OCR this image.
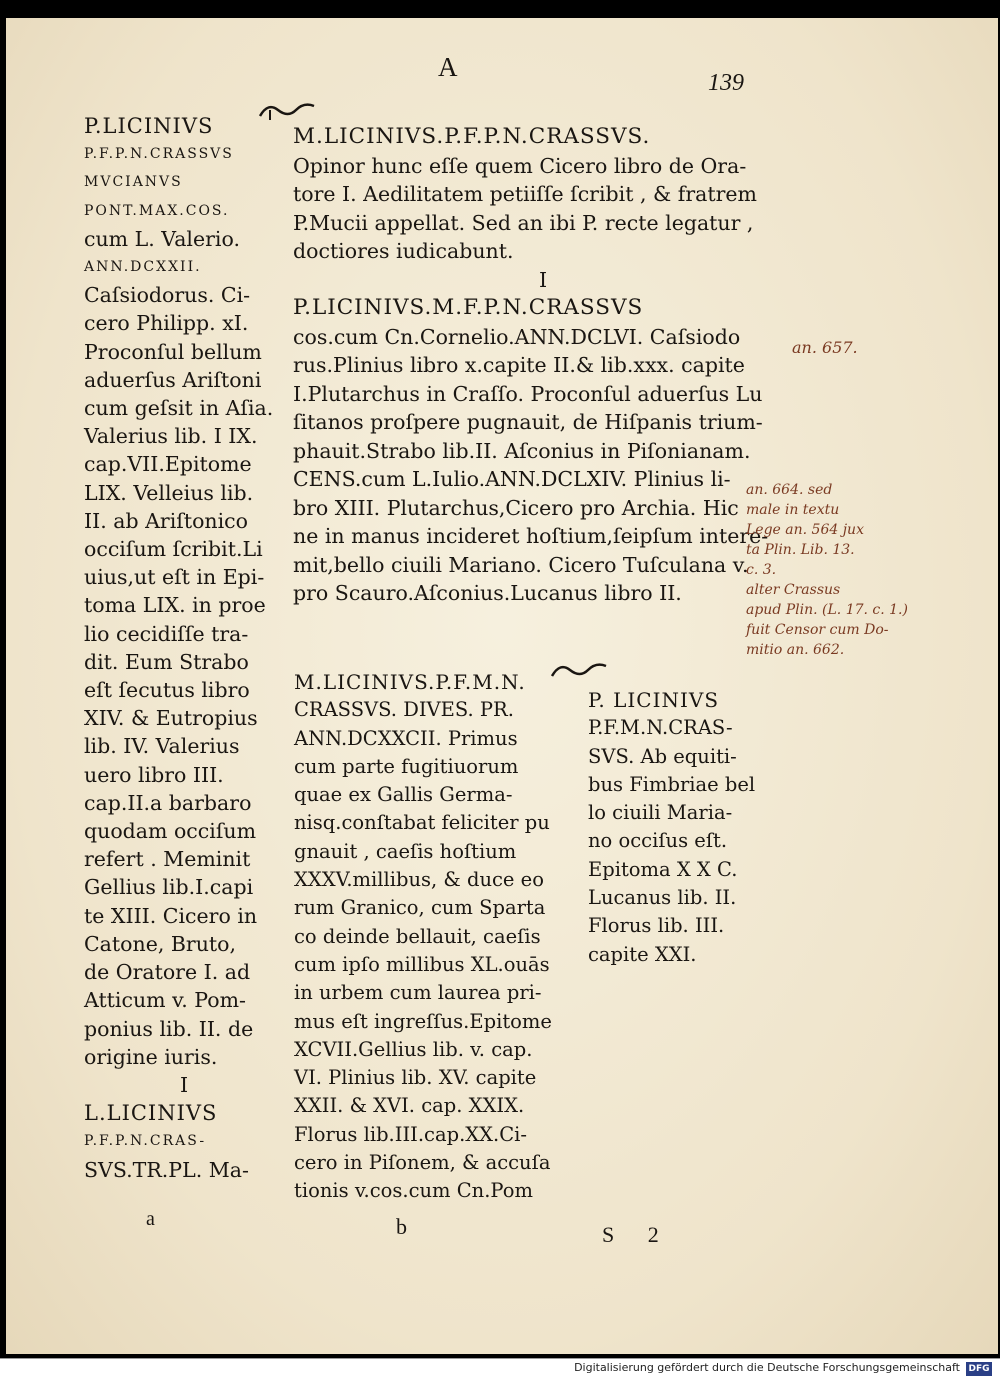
A
139
P.LICINIVS
P.F.P.N.CRASSVS
MVCIANVS
PONT.MAX.COS.
cum L. Valerio.
ANN.DCXXII.
Caſsiodorus. Ci-
cero Philipp. xI.
Proconſul bellum
aduerſus Ariſtoni
cum geſsit in Aſia.
Valerius lib. I IX.
cap.VII.Epitome
LIX. Velleius lib.
II. ab Ariſtonico
occiſum ſcribit.Li
uius,ut eſt in Epi-
toma LIX. in proe
lio cecidiſſe tra-
dit. Eum Strabo
eſt ſecutus libro
XIV. & Eutropius
lib. IV. Valerius
uero libro III.
cap.II.a barbaro
quodam occiſum
refert . Meminit
Gellius lib.I.capi
te XIII. Cicero in
Catone, Bruto,
de Oratore I. ad
Atticum v. Pom-
ponius lib. II. de
origine iuris.
I
L.LICINIVS
P.F.P.N.CRAS-
SVS.TR.PL. Ma-
M.LICINIVS.P.F.P.N.CRASSVS.
Opinor hunc eſſe quem Cicero libro de Ora-
tore I. Aedilitatem petiiſſe ſcribit , & fratrem
P.Mucii appellat. Sed an ibi P. recte legatur ,
doctiores iudicabunt.
I
P.LICINIVS.M.F.P.N.CRASSVS
cos.cum Cn.Cornelio.ANN.DCLVI. Caſsiodo
rus.Plinius libro x.capite II.& lib.xxx. capite
I.Plutarchus in Craſſo. Proconſul aduerſus Lu
ſitanos proſpere pugnauit, de Hiſpanis trium-
phauit.Strabo lib.II. Aſconius in Piſonianam.
CENS.cum L.Iulio.ANN.DCLXIV. Plinius li-
bro XIII. Plutarchus,Cicero pro Archia. Hic
ne in manus incideret hoſtium,ſeipſum intere-
mit,bello ciuili Mariano. Cicero Tuſculana v.
pro Scauro.Aſconius.Lucanus libro II.
M.LICINIVS.P.F.M.N.
CRASSVS. DIVES. PR.
ANN.DCXXCII. Primus
cum parte fugitiuorum
quae ex Gallis Germa-
nisq.conſtabat feliciter pu
gnauit , caeſis hoſtium
XXXV.millibus, & duce eo
rum Granico, cum Sparta
co deinde bellauit, caeſis
cum ipſo millibus XL.ouās
in urbem cum laurea pri-
mus eſt ingreſſus.Epitome
XCVII.Gellius lib. v. cap.
VI. Plinius lib. XV. capite
XXII. & XVI. cap. XXIX.
Florus lib.III.cap.XX.Ci-
cero in Piſonem, & accuſa
tionis v.cos.cum Cn.Pom
P. LICINIVS
P.F.M.N.CRAS-
SVS. Ab equiti-
bus Fimbriae bel
lo ciuili Maria-
no occiſus eſt.
Epitoma X X C.
Lucanus lib. II.
Florus lib. III.
capite XXI.
a	b	S 2
an. 657.
an. 664. sed
male in textu
Lege an. 564 jux
ta Plin. Lib. 13.
c. 3.
alter Crassus
apud Plin. (L. 17. c. 1.)
fuit Censor cum Do-
mitio an. 662.
Digitalisierung gefördert durch die Deutsche Forschungsgemeinschaft DFG
